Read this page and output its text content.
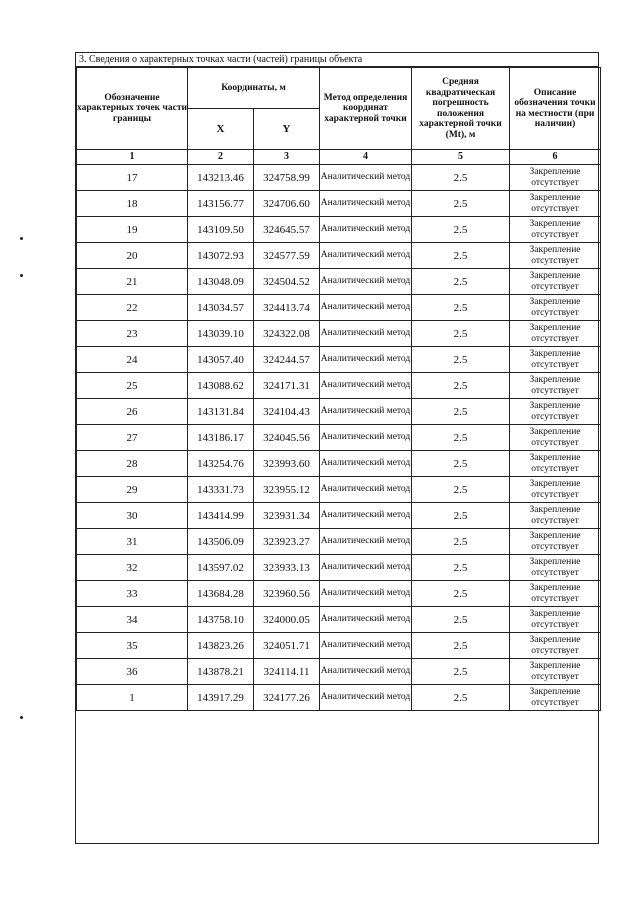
3. Сведения о характерных точках части (частей) границы объекта
Обозначение характерных точек части границы	Координаты, м		Метод определения координат характерной точки	Средняя квадратическая погрешность положения характерной точки (Mt), м	Описание обозначения точки на местности (при наличии)
	X	Y			
1	2	3	4	5	6
17	143213.46	324758.99	Аналитический метод	2.5	Закрепление отсутствует
18	143156.77	324706.60	Аналитический метод	2.5	Закрепление отсутствует
19	143109.50	324645.57	Аналитический метод	2.5	Закрепление отсутствует
20	143072.93	324577.59	Аналитический метод	2.5	Закрепление отсутствует
21	143048.09	324504.52	Аналитический метод	2.5	Закрепление отсутствует
22	143034.57	324413.74	Аналитический метод	2.5	Закрепление отсутствует
23	143039.10	324322.08	Аналитический метод	2.5	Закрепление отсутствует
24	143057.40	324244.57	Аналитический метод	2.5	Закрепление отсутствует
25	143088.62	324171.31	Аналитический метод	2.5	Закрепление отсутствует
26	143131.84	324104.43	Аналитический метод	2.5	Закрепление отсутствует
27	143186.17	324045.56	Аналитический метод	2.5	Закрепление отсутствует
28	143254.76	323993.60	Аналитический метод	2.5	Закрепление отсутствует
29	143331.73	323955.12	Аналитический метод	2.5	Закрепление отсутствует
30	143414.99	323931.34	Аналитический метод	2.5	Закрепление отсутствует
31	143506.09	323923.27	Аналитический метод	2.5	Закрепление отсутствует
32	143597.02	323933.13	Аналитический метод	2.5	Закрепление отсутствует
33	143684.28	323960.56	Аналитический метод	2.5	Закрепление отсутствует
34	143758.10	324000.05	Аналитический метод	2.5	Закрепление отсутствует
35	143823.26	324051.71	Аналитический метод	2.5	Закрепление отсутствует
36	143878.21	324114.11	Аналитический метод	2.5	Закрепление отсутствует
1	143917.29	324177.26	Аналитический метод	2.5	Закрепление отсутствует
